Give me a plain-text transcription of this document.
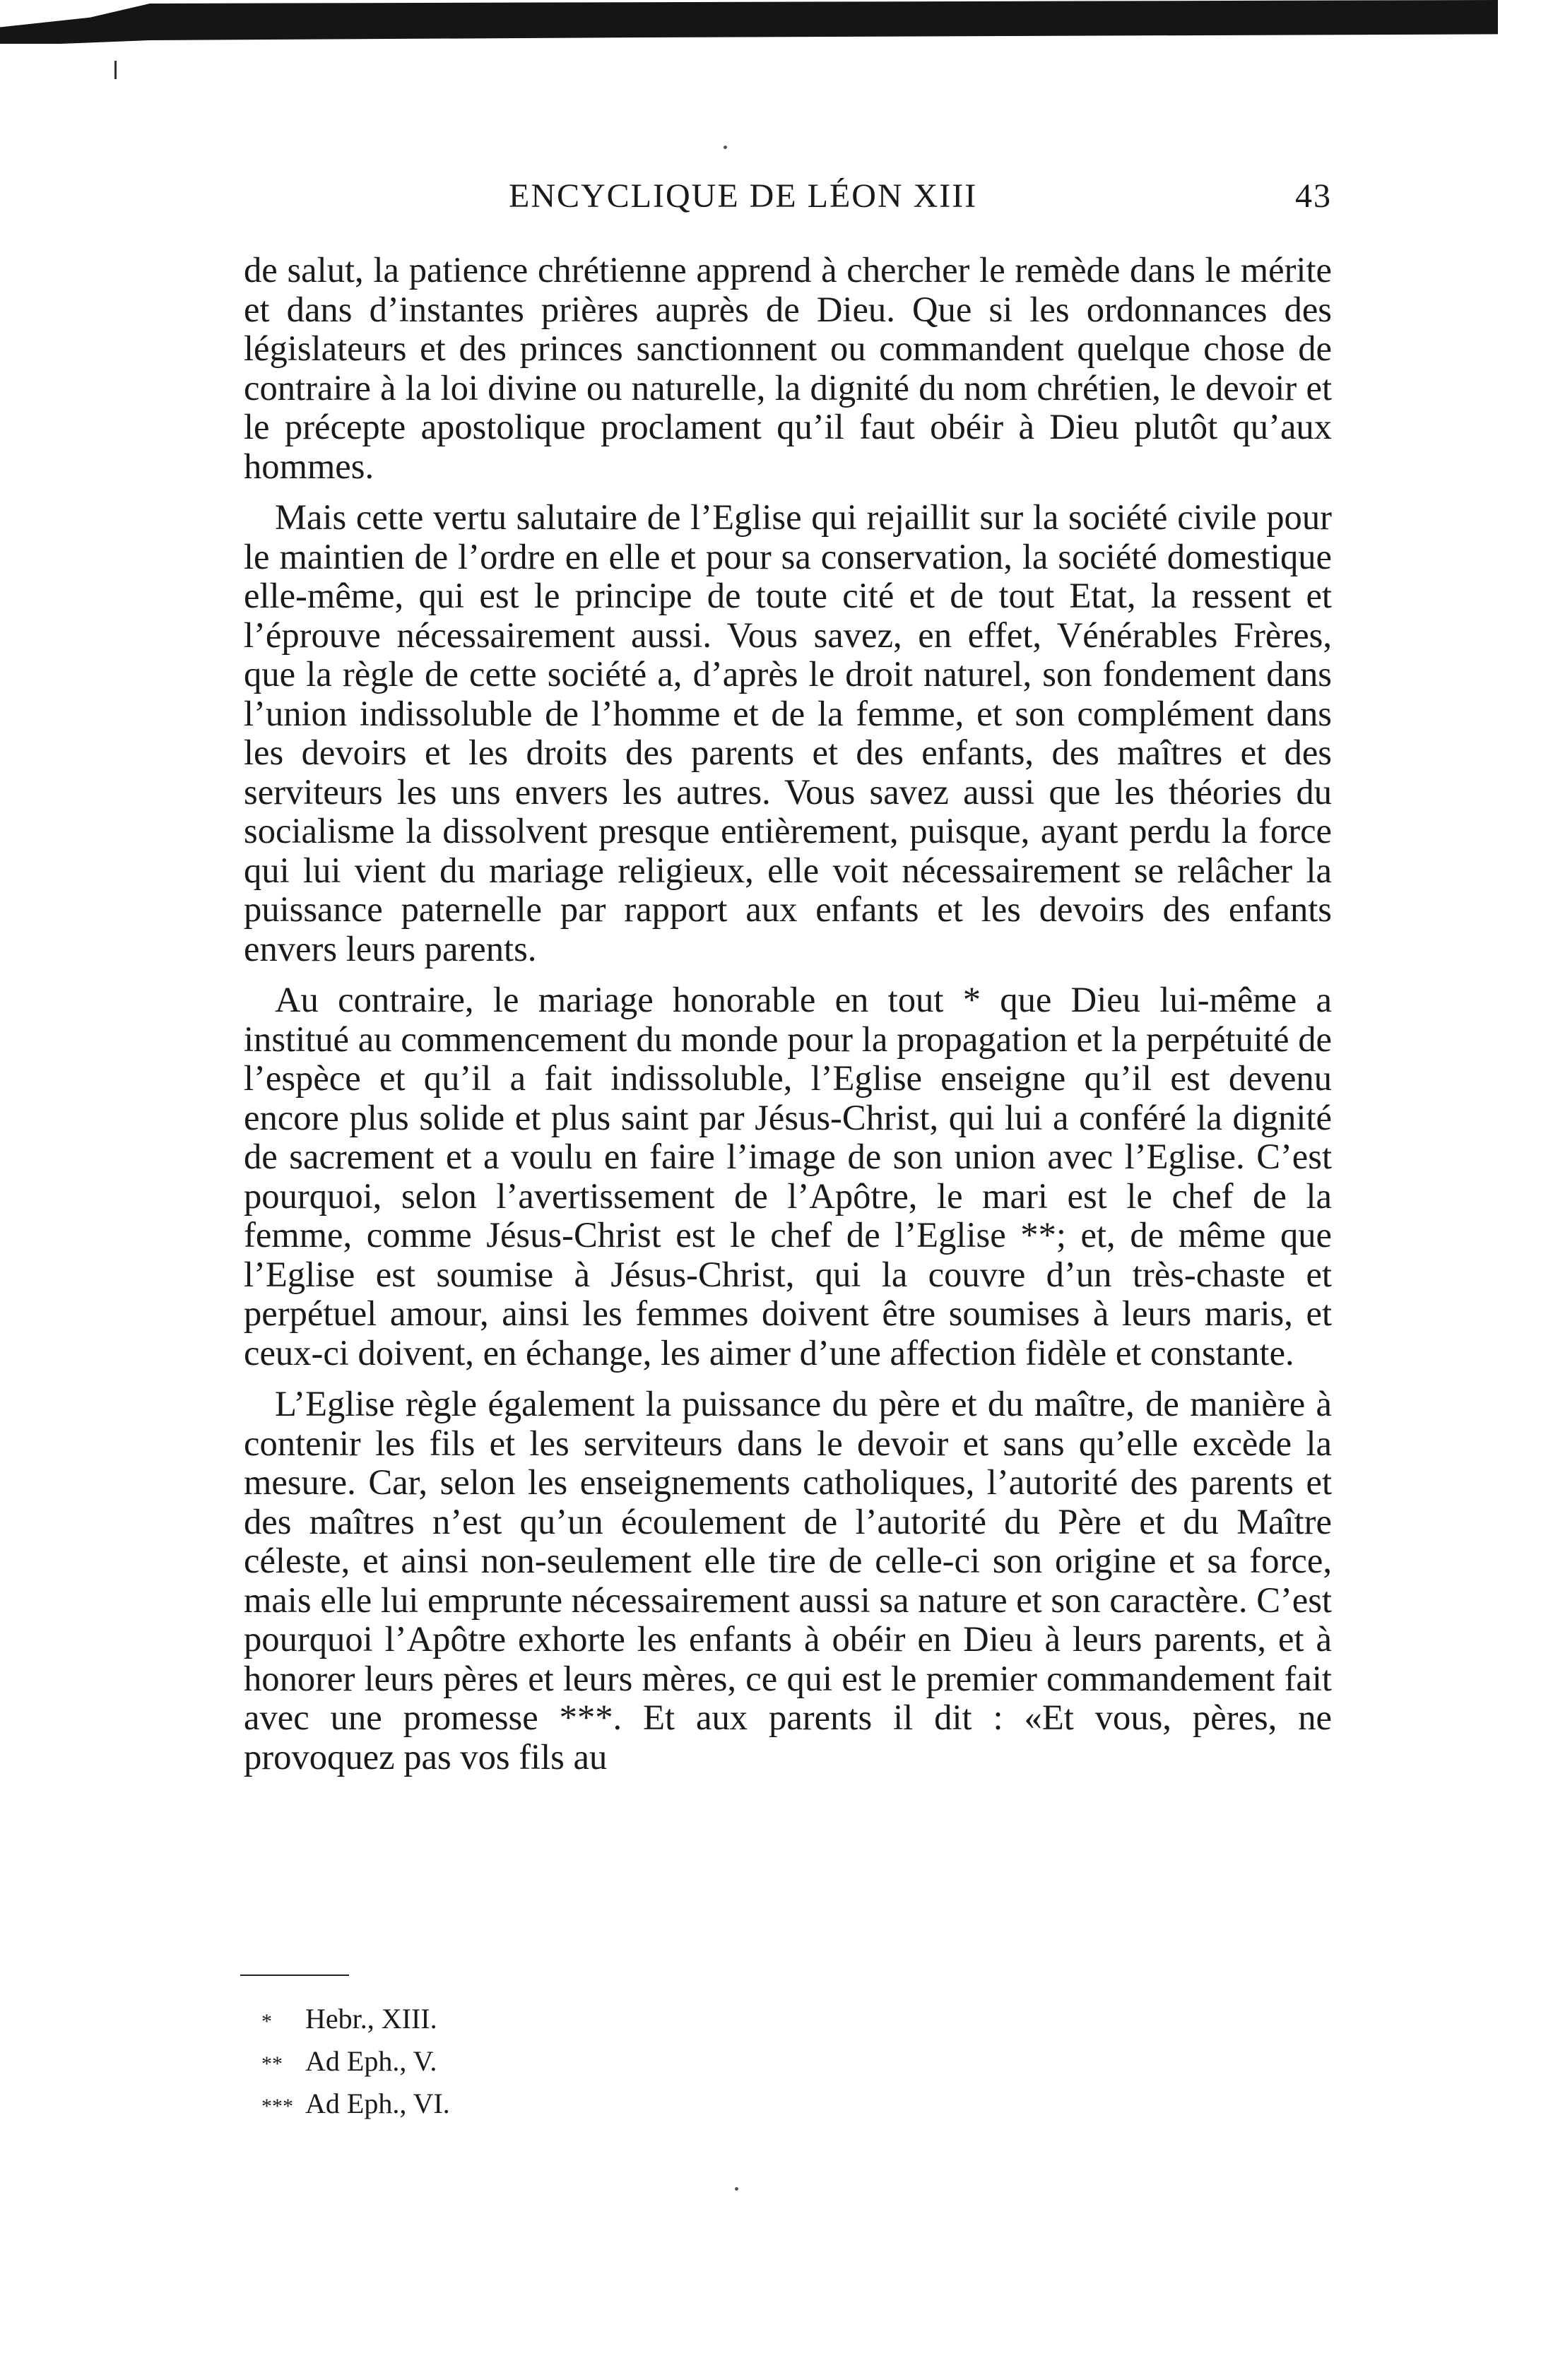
ENCYCLIQUE DE LÉON XIII	43

de salut, la patience chrétienne apprend à chercher le remède dans le mérite et dans d’instantes prières auprès de Dieu. Que si les ordonnances des législateurs et des princes sanctionnent ou commandent quelque chose de contraire à la loi divine ou naturelle, la dignité du nom chrétien, le devoir et le précepte apostolique proclament qu’il faut obéir à Dieu plutôt qu’aux hommes.

Mais cette vertu salutaire de l’Eglise qui rejaillit sur la société civile pour le maintien de l’ordre en elle et pour sa conservation, la société domestique elle-même, qui est le principe de toute cité et de tout Etat, la ressent et l’éprouve nécessairement aussi. Vous savez, en effet, Vénérables Frères, que la règle de cette société a, d’après le droit naturel, son fondement dans l’union indissoluble de l’homme et de la femme, et son complément dans les devoirs et les droits des parents et des enfants, des maîtres et des serviteurs les uns envers les autres. Vous savez aussi que les théories du socialisme la dissolvent presque entièrement, puisque, ayant perdu la force qui lui vient du mariage religieux, elle voit nécessairement se relâcher la puissance paternelle par rapport aux enfants et les devoirs des enfants envers leurs parents.

Au contraire, le mariage honorable en tout * que Dieu lui-même a institué au commencement du monde pour la propagation et la perpétuité de l’espèce et qu’il a fait indissoluble, l’Eglise enseigne qu’il est devenu encore plus solide et plus saint par Jésus-Christ, qui lui a conféré la dignité de sacrement et a voulu en faire l’image de son union avec l’Eglise. C’est pourquoi, selon l’avertissement de l’Apôtre, le mari est le chef de la femme, comme Jésus-Christ est le chef de l’Eglise **; et, de même que l’Eglise est soumise à Jésus-Christ, qui la couvre d’un très-chaste et perpétuel amour, ainsi les femmes doivent être soumises à leurs maris, et ceux-ci doivent, en échange, les aimer d’une affection fidèle et constante.

L’Eglise règle également la puissance du père et du maître, de manière à contenir les fils et les serviteurs dans le devoir et sans qu’elle excède la mesure. Car, selon les enseignements catholiques, l’autorité des parents et des maîtres n’est qu’un écoulement de l’autorité du Père et du Maître céleste, et ainsi non-seulement elle tire de celle-ci son origine et sa force, mais elle lui emprunte nécessairement aussi sa nature et son caractère. C’est pourquoi l’Apôtre exhorte les enfants à obéir en Dieu à leurs parents, et à honorer leurs pères et leurs mères, ce qui est le premier commandement fait avec une promesse ***. Et aux parents il dit : «Et vous, pères, ne provoquez pas vos fils au

*	Hebr., XIII.
** Ad Eph., V.
*** Ad Eph., VI.
